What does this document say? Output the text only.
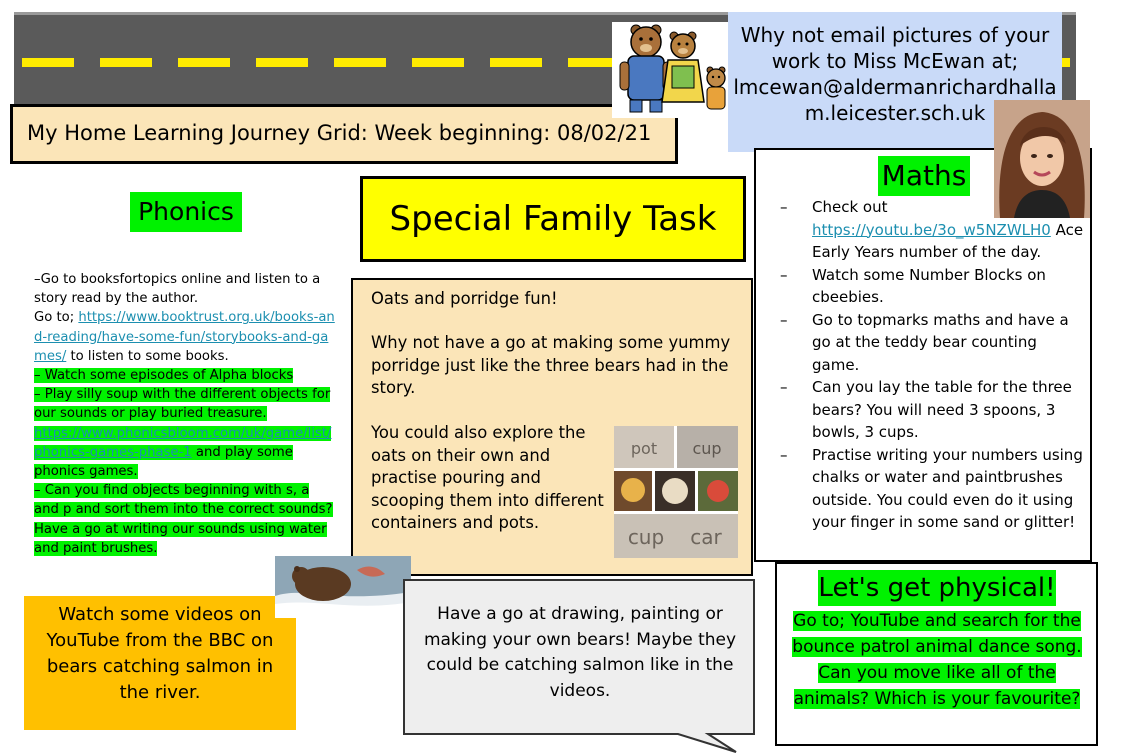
My Home Learning Journey Grid: Week beginning: 08/02/21
Why not email pictures of your
work to Miss McEwan at;
lmcewan@aldermanrichardhalla
m.leicester.sch.uk
Maths
– Check out https://youtu.be/3o_w5NZWLH0 Ace Early Years number of the day.
– Watch some Number Blocks on cbeebies.
– Go to topmarks maths and have a go at the teddy bear counting game.
– Can you lay the table for the three bears? You will need 3 spoons, 3 bowls, 3 cups.
– Practise writing your numbers using chalks or water and paintbrushes outside. You could even do it using your finger in some sand or glitter!
Phonics
–Go to booksfortopics online and listen to a story read by the author.
Go to; https://www.booktrust.org.uk/books-and-reading/have-some-fun/storybooks-and-games/ to listen to some books.
– Watch some episodes of Alpha blocks
– Play silly soup with the different objects for our sounds or play buried treasure.
https://www.phonicsbloom.com/uk/game/list/phonics-games-phase-1 and play some phonics games.
– Can you find objects beginning with s, a and p and sort them into the correct sounds?
Have a go at writing our sounds using water and paint brushes.
Special Family Task
Oats and porridge fun!
Why not have a go at making some yummy porridge just like the three bears had in the story.
You could also explore the oats on their own and practise pouring and scooping them into different containers and pots.
pot cup
cup car
Watch some videos on YouTube from the BBC on bears catching salmon in the river.
Have a go at drawing, painting or making your own bears! Maybe they could be catching salmon like in the videos.
Let's get physical!
Go to; YouTube and search for the
bounce patrol animal dance song.
Can you move like all of the
animals? Which is your favourite?
